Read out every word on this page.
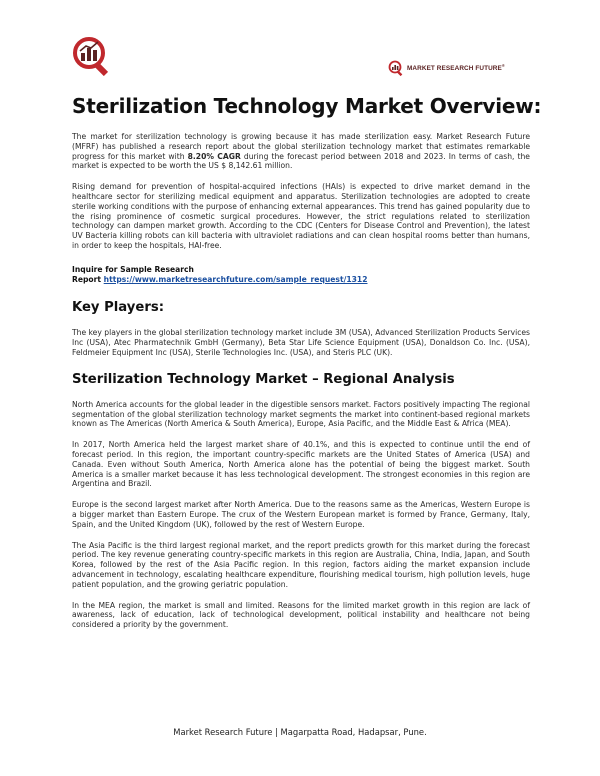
MARKET RESEARCH FUTURE®
Sterilization Technology Market Overview:

The market for sterilization technology is growing because it has made sterilization easy. Market Research Future (MFRF) has published a research report about the global sterilization technology market that estimates remarkable progress for this market with 8.20% CAGR during the forecast period between 2018 and 2023. In terms of cash, the market is expected to be worth the US $ 8,142.61 million.

Rising demand for prevention of hospital-acquired infections (HAIs) is expected to drive market demand in the healthcare sector for sterilizing medical equipment and apparatus. Sterilization technologies are adopted to create sterile working conditions with the purpose of enhancing external appearances. This trend has gained popularity due to the rising prominence of cosmetic surgical procedures. However, the strict regulations related to sterilization technology can dampen market growth. According to the CDC (Centers for Disease Control and Prevention), the latest UV Bacteria killing robots can kill bacteria with ultraviolet radiations and can clean hospital rooms better than humans, in order to keep the hospitals, HAI-free.

Inquire for Sample Research
Report https://www.marketresearchfuture.com/sample_request/1312
Key Players:

The key players in the global sterilization technology market include 3M (USA), Advanced Sterilization Products Services Inc (USA), Atec Pharmatechnik GmbH (Germany), Beta Star Life Science Equipment (USA), Donaldson Co. Inc. (USA), Feldmeier Equipment Inc (USA), Sterile Technologies Inc. (USA), and Steris PLC (UK).

Sterilization Technology Market – Regional Analysis

North America accounts for the global leader in the digestible sensors market. Factors positively impacting The regional segmentation of the global sterilization technology market segments the market into continent-based regional markets known as The Americas (North America & South America), Europe, Asia Pacific, and the Middle East & Africa (MEA).

In 2017, North America held the largest market share of 40.1%, and this is expected to continue until the end of forecast period. In this region, the important country-specific markets are the United States of America (USA) and Canada. Even without South America, North America alone has the potential of being the biggest market. South America is a smaller market because it has less technological development. The strongest economies in this region are Argentina and Brazil.

Europe is the second largest market after North America. Due to the reasons same as the Americas, Western Europe is a bigger market than Eastern Europe. The crux of the Western European market is formed by France, Germany, Italy, Spain, and the United Kingdom (UK), followed by the rest of Western Europe.

The Asia Pacific is the third largest regional market, and the report predicts growth for this market during the forecast period. The key revenue generating country-specific markets in this region are Australia, China, India, Japan, and South Korea, followed by the rest of the Asia Pacific region. In this region, factors aiding the market expansion include advancement in technology, escalating healthcare expenditure, flourishing medical tourism, high pollution levels, huge patient population, and the growing geriatric population.

In the MEA region, the market is small and limited. Reasons for the limited market growth in this region are lack of awareness, lack of education, lack of technological development, political instability and healthcare not being considered a priority by the government.

Market Research Future | Magarpatta Road, Hadapsar, Pune.
